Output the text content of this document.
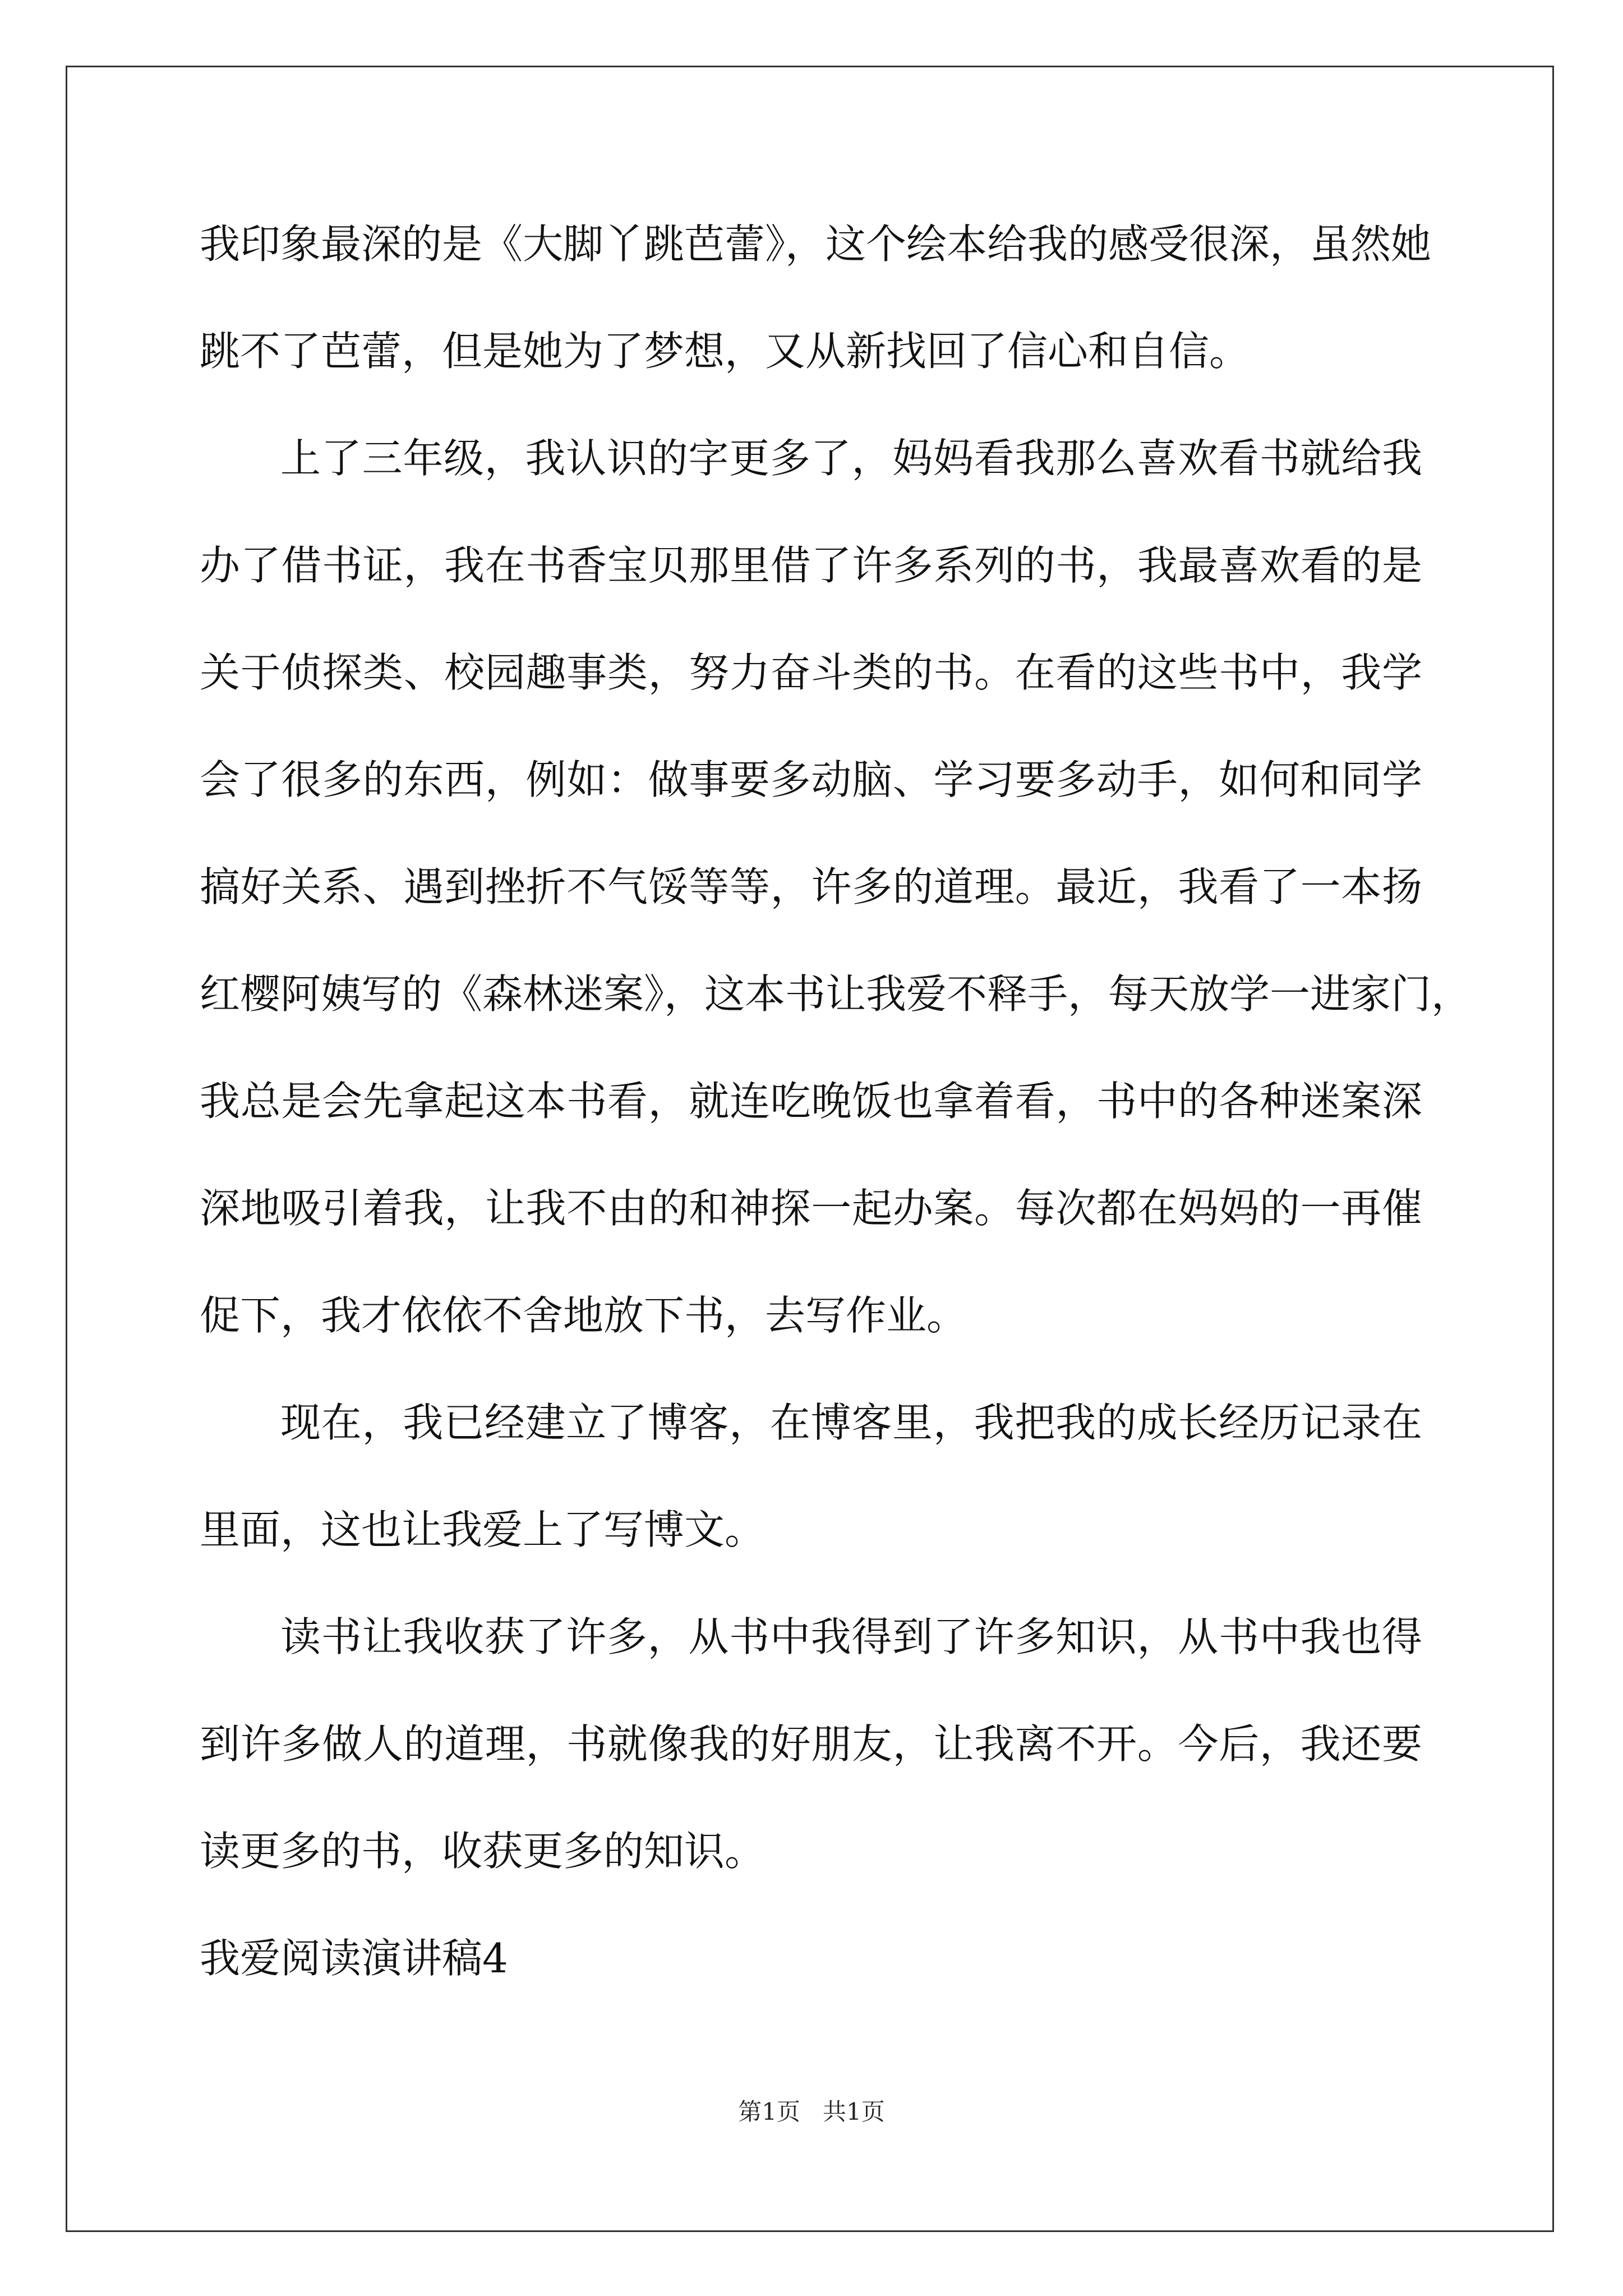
我印象最深的是《大脚丫跳芭蕾》，这个绘本给我的感受很深，虽然她
跳不了芭蕾，但是她为了梦想，又从新找回了信心和自信。
上了三年级，我认识的字更多了，妈妈看我那么喜欢看书就给我
办了借书证，我在书香宝贝那里借了许多系列的书，我最喜欢看的是
关于侦探类、校园趣事类，努力奋斗类的书。在看的这些书中，我学
会了很多的东西，例如：做事要多动脑、学习要多动手，如何和同学
搞好关系、遇到挫折不气馁等等，许多的道理。最近，我看了一本扬
红樱阿姨写的《森林迷案》，这本书让我爱不释手，每天放学一进家门，
我总是会先拿起这本书看，就连吃晚饭也拿着看，书中的各种迷案深
深地吸引着我，让我不由的和神探一起办案。每次都在妈妈的一再催
促下，我才依依不舍地放下书，去写作业。
现在，我已经建立了博客，在博客里，我把我的成长经历记录在
里面，这也让我爱上了写博文。
读书让我收获了许多，从书中我得到了许多知识，从书中我也得
到许多做人的道理，书就像我的好朋友，让我离不开。今后，我还要
读更多的书，收获更多的知识。
我爱阅读演讲稿4
第1页 共1页
